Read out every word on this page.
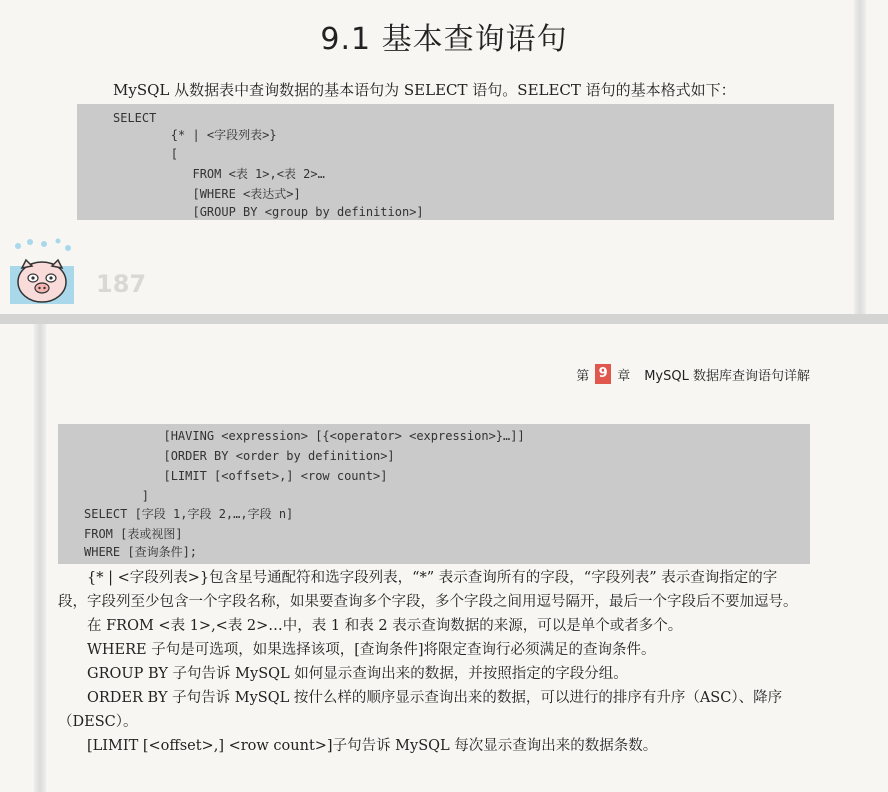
9.1 基本查询语句
MySQL 从数据表中查询数据的基本语句为 SELECT 语句。SELECT 语句的基本格式如下：
SELECT
{* | <字段列表>}
[
FROM <表 1>,<表 2>…
[WHERE <表达式>]
[GROUP BY <group by definition>]
187
第 9 章 MySQL 数据库查询语句详解
[HAVING <expression> [{<operator> <expression>}…]]
[ORDER BY <order by definition>]
[LIMIT [<offset>,] <row count>]
]
SELECT [字段 1,字段 2,…,字段 n]
FROM [表或视图]
WHERE [查询条件];

{* | <字段列表>}包含星号通配符和选字段列表，“*” 表示查询所有的字段，“字段列表” 表示查询指定的字段，字段列至少包含一个字段名称，如果要查询多个字段，多个字段之间用逗号隔开，最后一个字段后不要加逗号。

在 FROM <表 1>,<表 2>…中，表 1 和表 2 表示查询数据的来源，可以是单个或者多个。

WHERE 子句是可选项，如果选择该项，[查询条件]将限定查询行必须满足的查询条件。

GROUP BY 子句告诉 MySQL 如何显示查询出来的数据，并按照指定的字段分组。

ORDER BY 子句告诉 MySQL 按什么样的顺序显示查询出来的数据，可以进行的排序有升序（ASC）、降序（DESC）。

[LIMIT [<offset>,] <row count>]子句告诉 MySQL 每次显示查询出来的数据条数。
